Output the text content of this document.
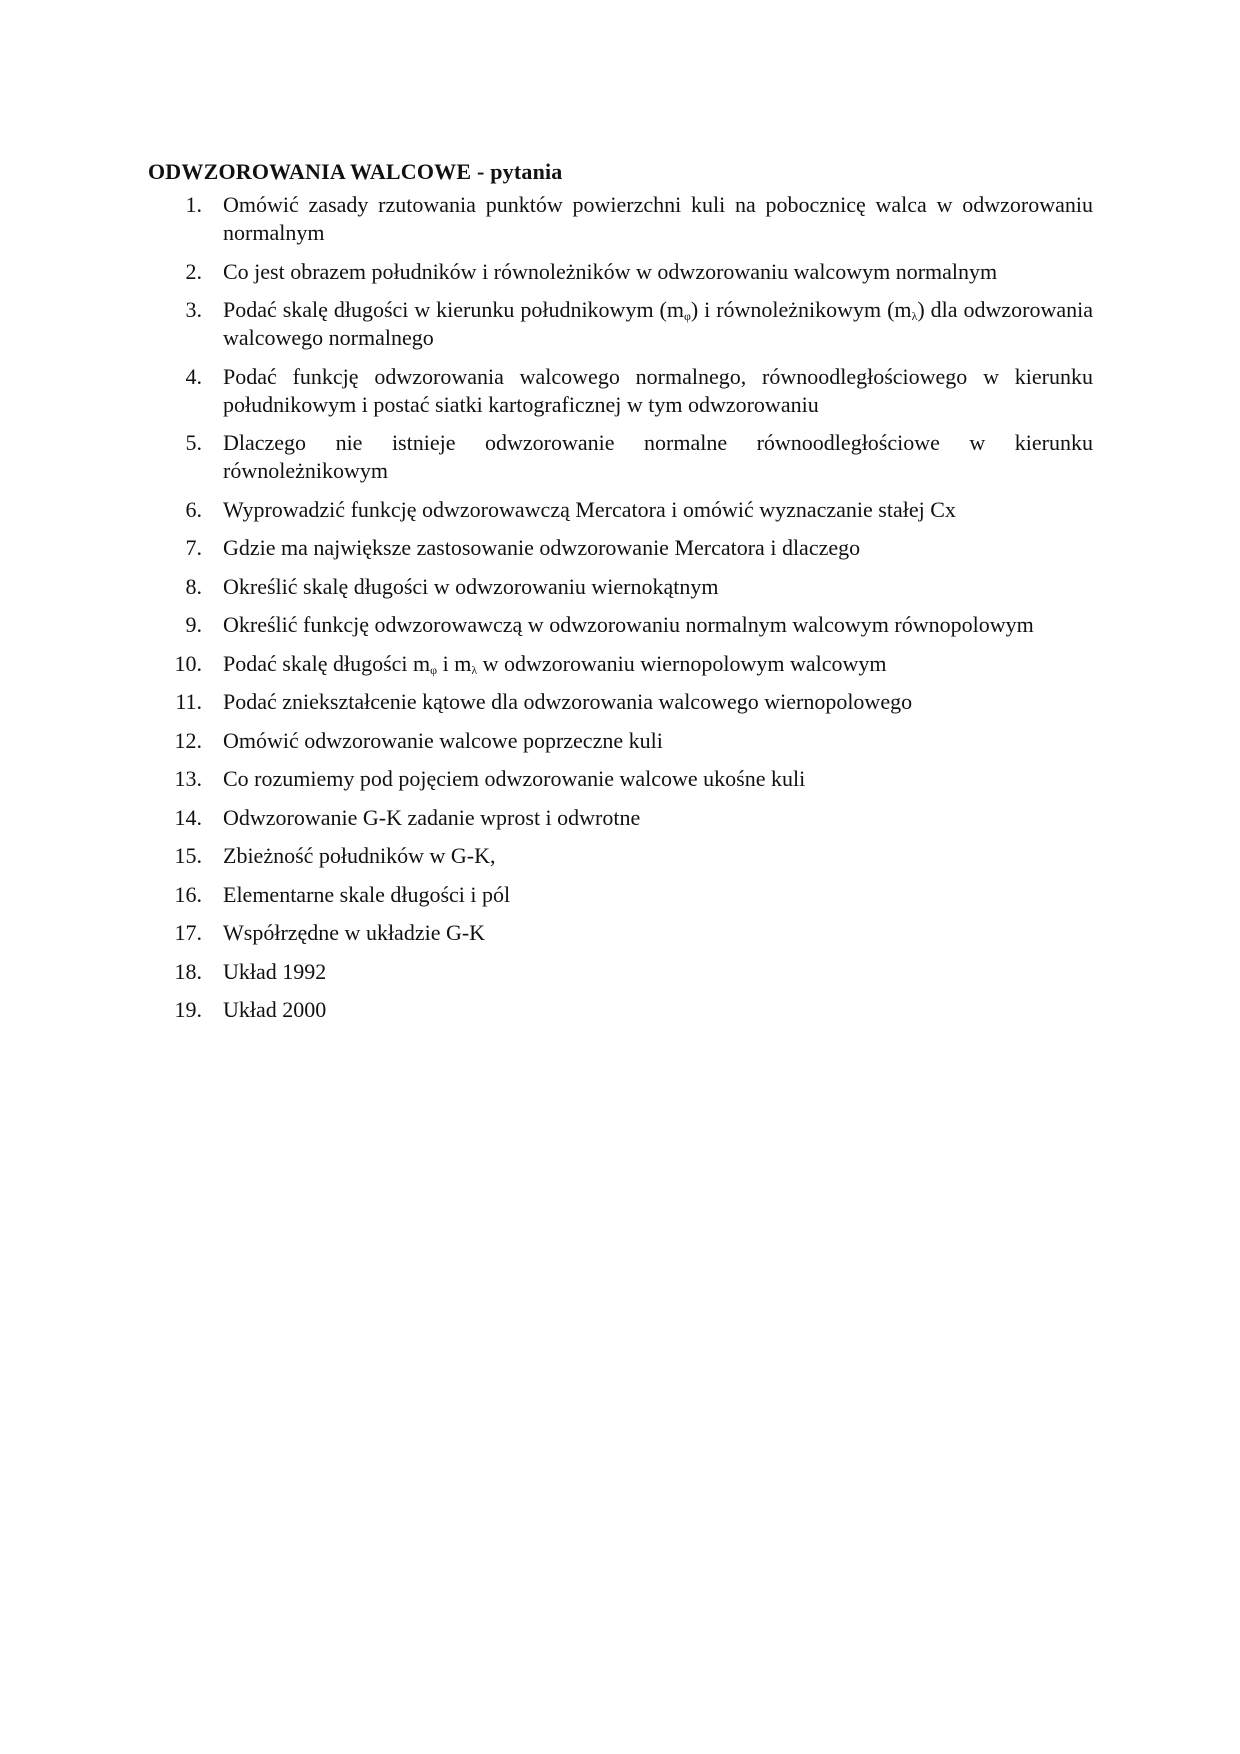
ODWZOROWANIA WALCOWE - pytania
1. Omówić zasady rzutowania punktów powierzchni kuli na pobocznicę walca w odwzorowaniu normalnym
2. Co jest obrazem południków i równoleżników w odwzorowaniu walcowym normalnym
3. Podać skalę długości w kierunku południkowym $(m_\varphi)$ i równoleżnikowym $(m_\lambda)$ dla odwzorowania walcowego normalnego
4. Podać funkcję odwzorowania walcowego normalnego, równoodległościowego w kierunku południkowym i postać siatki kartograficznej w tym odwzorowaniu
5. Dlaczego nie istnieje odwzorowanie normalne równoodległościowe w kierunku równoleżnikowym
6. Wyprowadzić funkcję odwzorowawczą Mercatora i omówić wyznaczanie stałej Cx
7. Gdzie ma największe zastosowanie odwzorowanie Mercatora i dlaczego
8. Określić skalę długości w odwzorowaniu wiernokątnym
9. Określić funkcję odwzorowawczą w odwzorowaniu normalnym walcowym równopolowym
10. Podać skalę długości $m_\varphi$ i $m_\lambda$ w odwzorowaniu wiernopolowym walcowym
11. Podać zniekształcenie kątowe dla odwzorowania walcowego wiernopolowego
12. Omówić odwzorowanie walcowe poprzeczne kuli
13. Co rozumiemy pod pojęciem odwzorowanie walcowe ukośne kuli
14. Odwzorowanie G-K zadanie wprost i odwrotne
15. Zbieżność południków w G-K,
16. Elementarne skale długości i pól
17. Współrzędne w układzie G-K
18. Układ 1992
19. Układ 2000
